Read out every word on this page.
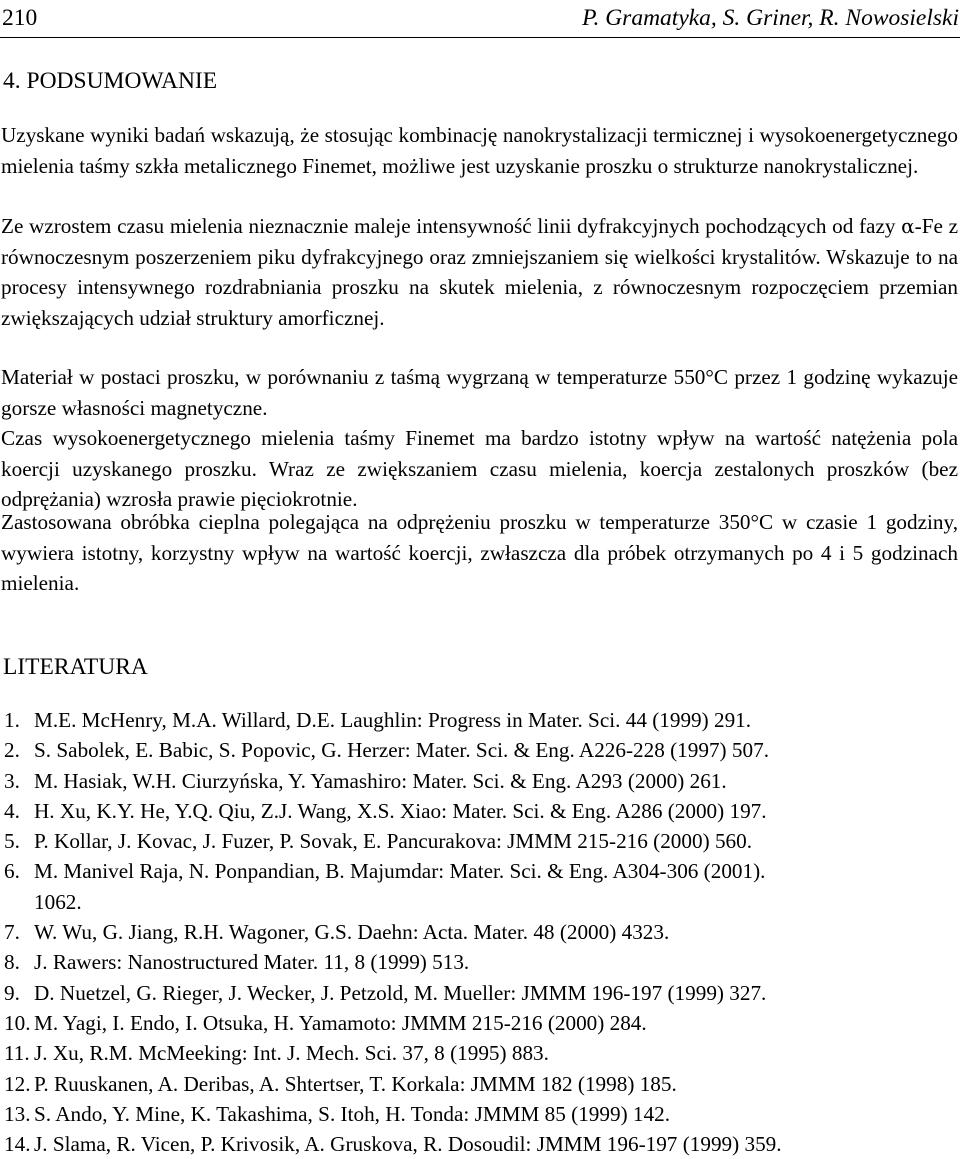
210	P. Gramatyka, S. Griner, R. Nowosielski
4. PODSUMOWANIE
Uzyskane wyniki badań wskazują, że stosując kombinację nanokrystalizacji termicznej i wysokoenergetycznego mielenia taśmy szkła metalicznego Finemet, możliwe jest uzyskanie proszku o strukturze nanokrystalicznej.
Ze wzrostem czasu mielenia nieznacznie maleje intensywność linii dyfrakcyjnych pochodzących od fazy α-Fe z równoczesnym poszerzeniem piku dyfrakcyjnego oraz zmniejszaniem się wielkości krystalitów. Wskazuje to na procesy intensywnego rozdrabniania proszku na skutek mielenia, z równoczesnym rozpoczęciem przemian zwiększających udział struktury amorficznej.
Materiał w postaci proszku, w porównaniu z taśmą wygrzaną w temperaturze 550°C przez 1 godzinę wykazuje gorsze własności magnetyczne.
Czas wysokoenergetycznego mielenia taśmy Finemet ma bardzo istotny wpływ na wartość natężenia pola koercji uzyskanego proszku. Wraz ze zwiększaniem czasu mielenia, koercja zestalonych proszków (bez odprężania) wzrosła prawie pięciokrotnie.
Zastosowana obróbka cieplna polegająca na odprężeniu proszku w temperaturze 350°C w czasie 1 godziny, wywiera istotny, korzystny wpływ na wartość koercji, zwłaszcza dla próbek otrzymanych po 4 i 5 godzinach mielenia.
LITERATURA
1. M.E. McHenry, M.A. Willard, D.E. Laughlin: Progress in Mater. Sci. 44 (1999) 291.
2. S. Sabolek, E. Babic, S. Popovic, G. Herzer: Mater. Sci. & Eng. A226-228 (1997) 507.
3. M. Hasiak, W.H. Ciurzyńska, Y. Yamashiro: Mater. Sci. & Eng. A293 (2000) 261.
4. H. Xu, K.Y. He, Y.Q. Qiu, Z.J. Wang, X.S. Xiao: Mater. Sci. & Eng. A286 (2000) 197.
5. P. Kollar, J. Kovac, J. Fuzer, P. Sovak, E. Pancurakova: JMMM 215-216 (2000) 560.
6. M. Manivel Raja, N. Ponpandian, B. Majumdar: Mater. Sci. & Eng. A304-306 (2001).
1062.
7. W. Wu, G. Jiang, R.H. Wagoner, G.S. Daehn: Acta. Mater. 48 (2000) 4323.
8. J. Rawers: Nanostructured Mater. 11, 8 (1999) 513.
9. D. Nuetzel, G. Rieger, J. Wecker, J. Petzold, M. Mueller: JMMM 196-197 (1999) 327.
10. M. Yagi, I. Endo, I. Otsuka, H. Yamamoto: JMMM 215-216 (2000) 284.
11. J. Xu, R.M. McMeeking: Int. J. Mech. Sci. 37, 8 (1995) 883.
12. P. Ruuskanen, A. Deribas, A. Shtertser, T. Korkala: JMMM 182 (1998) 185.
13. S. Ando, Y. Mine, K. Takashima, S. Itoh, H. Tonda: JMMM 85 (1999) 142.
14. J. Slama, R. Vicen, P. Krivosik, A. Gruskova, R. Dosoudil: JMMM 196-197 (1999) 359.
